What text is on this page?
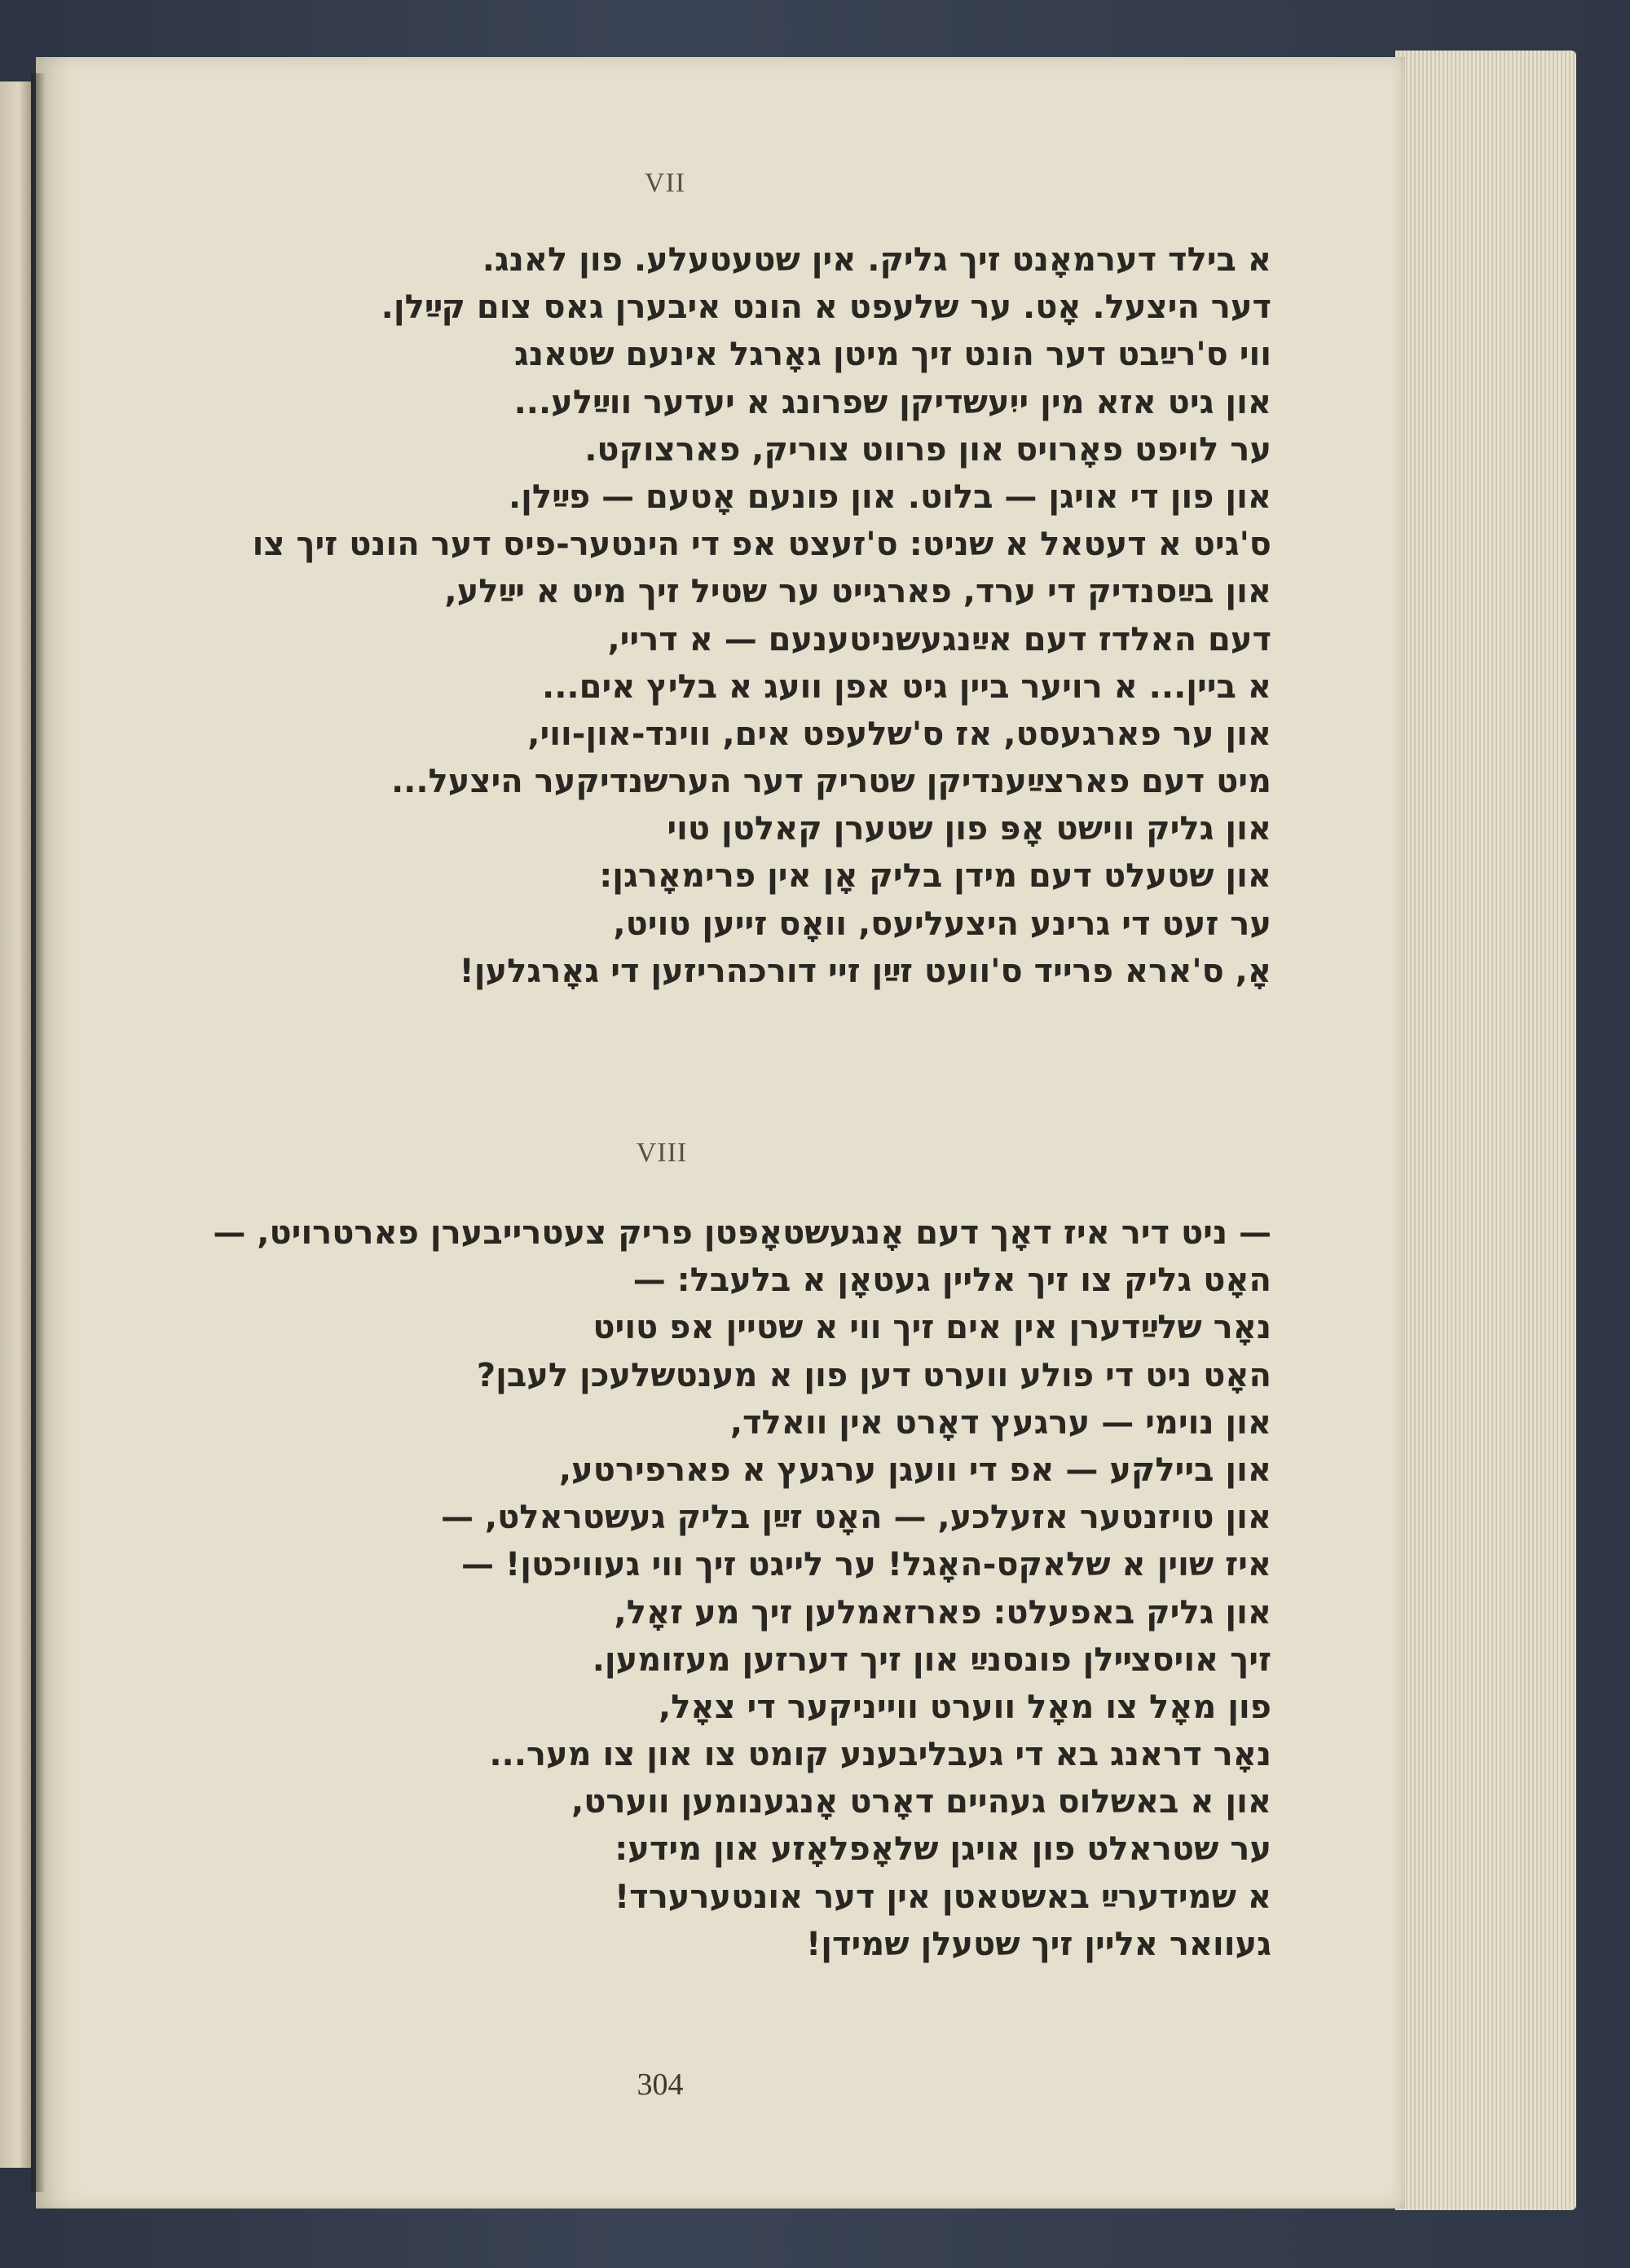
VII
א בילד דערמאָנט זיך גליק. אין שטעטעלע. פון לאנג.
דער היצעל. אָט. ער שלעפט א הונט איבערן גאס צום קײַלן.
ווי ס'רײַבט דער הונט זיך מיטן גאָרגל אינעם שטאנג
און גיט אזא מין ייִעשדיקן שפרונג א יעדער ווײַלע...
ער לויפט פאָרויס און פרווט צוריק, פארצוקט.
און פון די אויגן — בלוט. און פונעם אָטעם — פײַלן.
ס'גיט א דעטאל א שניט: ס'זעצט אפ די הינטער-פיס דער הונט זיך צו
און בײַסנדיק די ערד, פארגייט ער שטיל זיך מיט א יײַלע,
דעם האלדז דעם אײַנגעשניטענעם — א דריי,
א ביין... א רויער ביין גיט אפן וועג א בליץ אים...
און ער פארגעסט, אז ס'שלעפט אים, ווינד-און-ווי,
מיט דעם פארצײַענדיקן שטריק דער הערשנדיקער היצעל...
און גליק ווישט אָפּ פון שטערן קאלטן טוי
און שטעלט דעם מידן בליק אָן אין פרימאָרגן:
ער זעט די גרינע היצעליעס, וואָס זייען טויט,
אָ, ס'ארא פרייד ס'וועט זײַן זיי דורכהריזען די גאָרגלען!
VIII
— ניט דיר איז דאָך דעם אָנגעשטאָפּטן פריק צעטרייבערן פארטרויט, —
האָט גליק צו זיך אליין געטאָן א בלעבל: —
נאָר שלײַדערן אין אים זיך ווי א שטיין אפ טויט
האָט ניט די פולע ווערט דען פון א מענטשלעכן לעבן?
און נוימי — ערגעץ דאָרט אין וואלד,
און ביילקע — אפ די וועגן ערגעץ א פארפירטע,
און טויזנטער אזעלכע, — האָט זײַן בליק געשטראלט, —
איז שוין א שלאקס-האָגל! ער לייגט זיך ווי געוויכטן! —
און גליק באפעלט: פארזאמלען זיך מע זאָל,
זיך אויסצײלן פונסנײַ און זיך דערזען מעזומען.
פון מאָל צו מאָל ווערט ווייניקער די צאָל,
נאָר דראנג בא די געבליבענע קומט צו און צו מער...
און א באשלוס געהיים דאָרט אָנגענומען ווערט,
ער שטראלט פון אויגן שלאָפלאָזע און מידע:
א שמידערײַ באשטאטן אין דער אונטערערד!
געוואר אליין זיך שטעלן שמידן!
304
